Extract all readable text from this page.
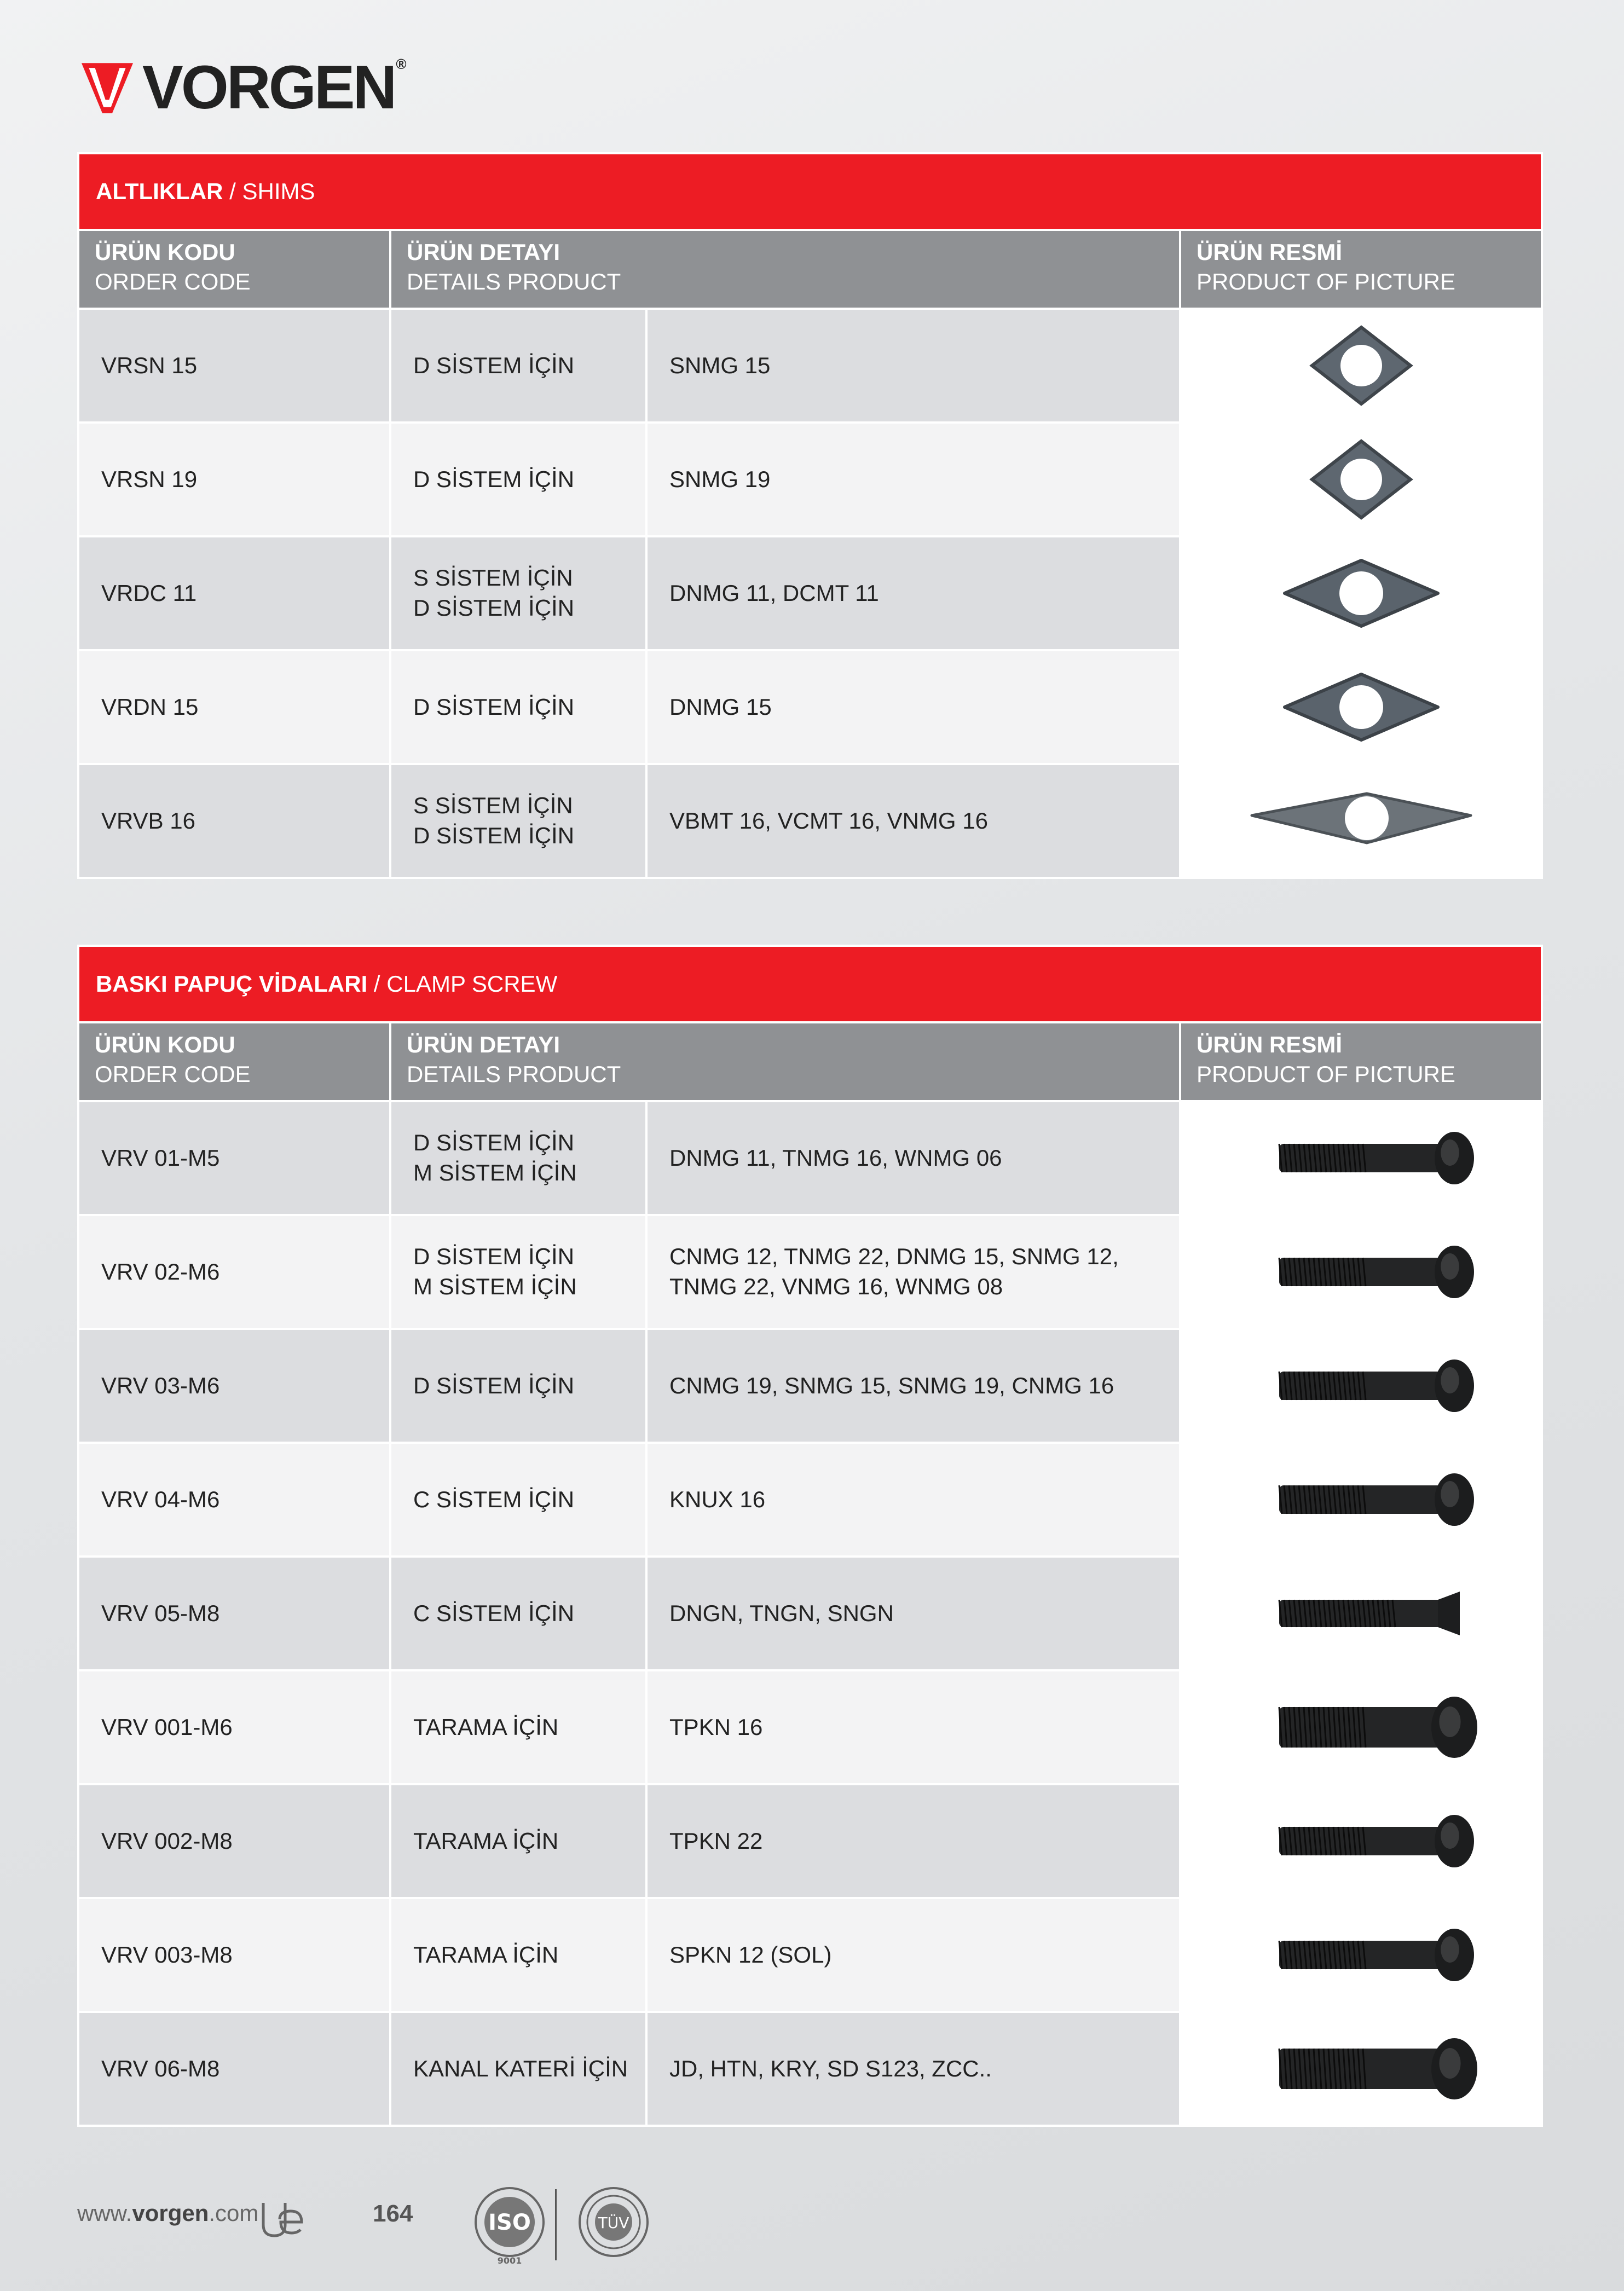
VORGEN®
ALTLIKLAR / SHIMS			

ÜRÜN KODU
ORDER CODE	ÜRÜN DETAYI
DETAILS PRODUCT		ÜRÜN RESMİ
PRODUCT OF PICTURE

VRSN 15	D SİSTEM İÇİN	SNMG 15	
VRSN 19	D SİSTEM İÇİN	SNMG 19	
VRDC 11	S SİSTEM İÇİN
D SİSTEM İÇİN	DNMG 11, DCMT 11	
VRDN 15	D SİSTEM İÇİN	DNMG 15	
VRVB 16	S SİSTEM İÇİN
D SİSTEM İÇİN	VBMT 16, VCMT 16, VNMG 16	
BASKI PAPUÇ VİDALARI / CLAMP SCREW			

ÜRÜN KODU
ORDER CODE	ÜRÜN DETAYI
DETAILS PRODUCT		ÜRÜN RESMİ
PRODUCT OF PICTURE

VRV 01-M5	D SİSTEM İÇİN
M SİSTEM İÇİN	DNMG 11, TNMG 16, WNMG 06	
VRV 02-M6	D SİSTEM İÇİN
M SİSTEM İÇİN	CNMG 12, TNMG 22, DNMG 15, SNMG 12, TNMG 22, VNMG 16, WNMG 08	
VRV 03-M6	D SİSTEM İÇİN	CNMG 19, SNMG 15, SNMG 19, CNMG 16	
VRV 04-M6	C SİSTEM İÇİN	KNUX 16	
VRV 05-M8	C SİSTEM İÇİN	DNGN, TNGN, SNGN	
VRV 001-M6	TARAMA İÇİN	TPKN 16	
VRV 002-M8	TARAMA İÇİN	TPKN 22	
VRV 003-M8	TARAMA İÇİN	SPKN 12 (SOL)	
VRV 06-M8	KANAL KATERİ İÇİN	JD, HTN, KRY, SD S123, ZCC..	
www.vorgen.com	164	ISO
9001
TÜV
